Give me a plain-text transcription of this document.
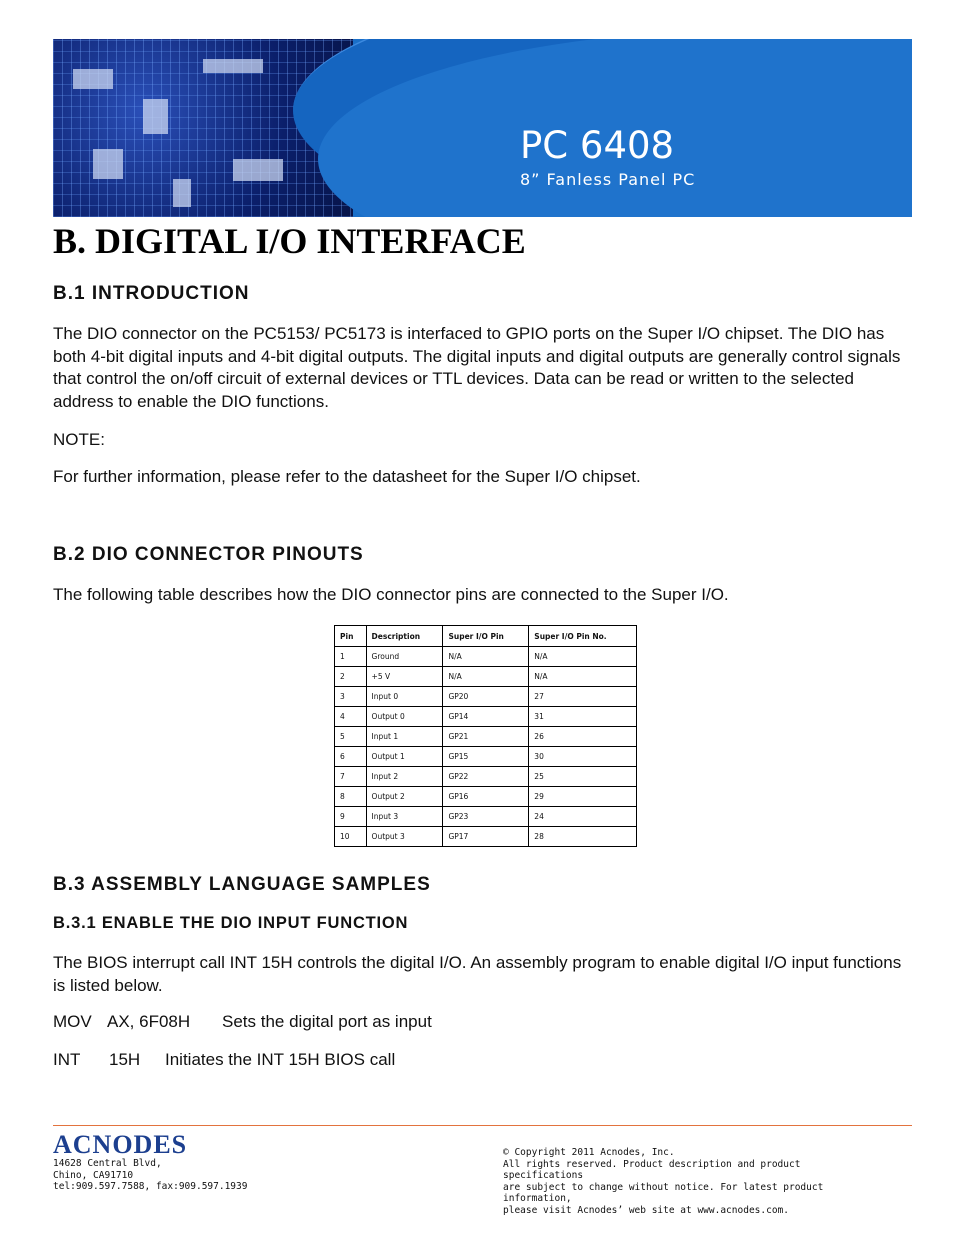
PC 6408
8” Fanless Panel PC
B. DIGITAL I/O INTERFACE
B.1 INTRODUCTION
The DIO connector on the PC5153/ PC5173 is interfaced to GPIO ports on the Super I/O chipset. The DIO has both 4-bit digital inputs and 4-bit digital outputs. The digital inputs and digital outputs are generally control signals that control the on/off circuit of external devices or TTL devices. Data can be read or written to the selected address to enable the DIO functions.
NOTE:
For further information, please refer to the datasheet for the Super I/O chipset.
B.2 DIO CONNECTOR PINOUTS
The following table describes how the DIO connector pins are connected to the Super I/O.
Pin	Description	Super I/O Pin	Super I/O Pin No.
1	Ground	N/A	N/A
2	+5 V	N/A	N/A
3	Input 0	GP20	27
4	Output 0	GP14	31
5	Input 1	GP21	26
6	Output 1	GP15	30
7	Input 2	GP22	25
8	Output 2	GP16	29
9	Input 3	GP23	24
10	Output 3	GP17	28
B.3 ASSEMBLY LANGUAGE SAMPLES
B.3.1 ENABLE THE DIO INPUT FUNCTION
The BIOS interrupt call INT 15H controls the digital I/O. An assembly program to enable digital I/O input functions is listed below.
MOV AX, 6F08H Sets the digital port as input
INT 15H Initiates the INT 15H BIOS call
ACNODES
14628 Central Blvd,
Chino, CA91710
tel:909.597.7588, fax:909.597.1939
© Copyright 2011 Acnodes, Inc.
All rights reserved. Product description and product specifications
are subject to change without notice. For latest product information,
please visit Acnodes’ web site at www.acnodes.com.
